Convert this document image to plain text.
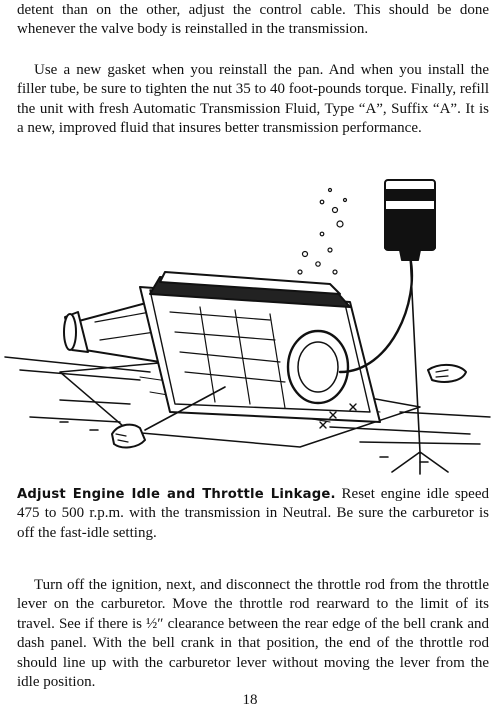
detent than on the other, adjust the control cable. This should be done whenever the valve body is reinstalled in the transmission.

Use a new gasket when you reinstall the pan. And when you install the filler tube, be sure to tighten the nut 35 to 40 foot-pounds torque. Finally, refill the unit with fresh Automatic Transmission Fluid, Type “A”, Suffix “A”. It is a new, improved fluid that insures better transmission performance.

Adjust Engine Idle and Throttle Linkage. Reset engine idle speed 475 to 500 r.p.m. with the transmission in Neutral. Be sure the carburetor is off the fast-idle setting.

Turn off the ignition, next, and disconnect the throttle rod from the throttle lever on the carburetor. Move the throttle rod rearward to the limit of its travel. See if there is ½″ clearance between the rear edge of the bell crank and dash panel. With the bell crank in that position, the end of the throttle rod should line up with the carburetor lever without moving the lever from the idle position.

18
